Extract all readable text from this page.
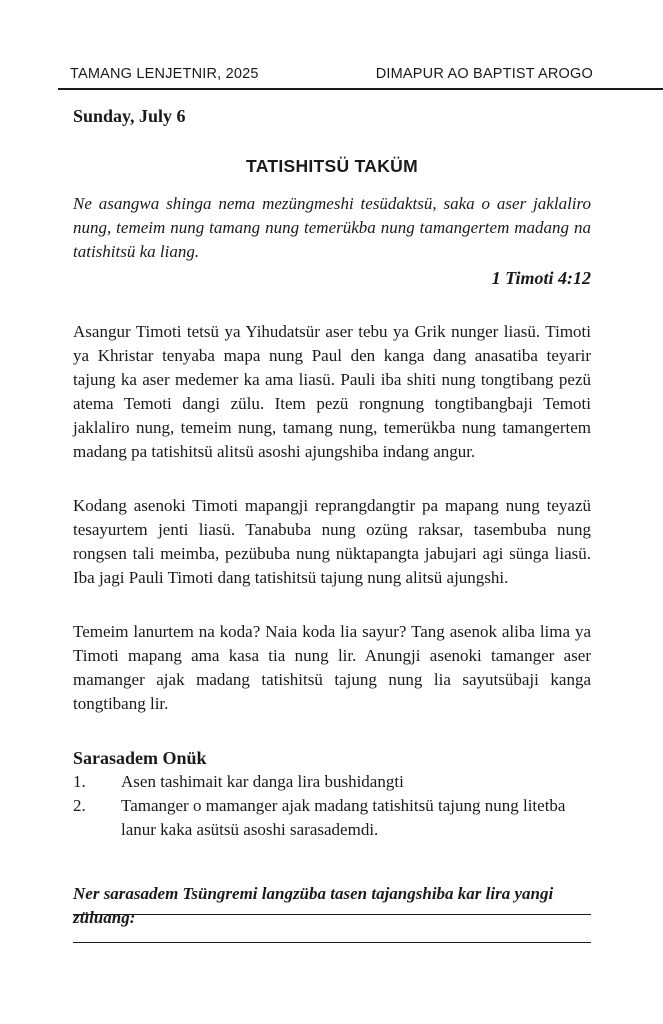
TAMANG LENJETNIR, 2025	DIMAPUR AO BAPTIST AROGO

Sunday, July 6

TATISHITSÜ TAKÜM

Ne asangwa shinga nema mezüngmeshi tesüdaktsü, saka o aser jaklaliro nung, temeim nung tamang nung temerükba nung tamangertem madang na tatishitsü ka liang.

1 Timoti 4:12

Asangur Timoti tetsü ya Yihudatsür aser tebu ya Grik nunger liasü. Timoti ya Khristar tenyaba mapa nung Paul den kanga dang anasatiba teyarir tajung ka aser medemer ka ama liasü. Pauli iba shiti nung tongtibang pezü atema Temoti dangi zülu. Item pezü rongnung tongtibangbaji Temoti jaklaliro nung, temeim nung, tamang nung, temerükba nung tamangertem madang pa tatishitsü alitsü asoshi ajungshiba indang angur.

Kodang asenoki Timoti mapangji reprangdangtir pa mapang nung teyazü tesayurtem jenti liasü. Tanabuba nung ozüng raksar, tasembuba nung rongsen tali meimba, pezübuba nung nüktapangta jabujari agi sünga liasü. Iba jagi Pauli Timoti dang tatishitsü tajung nung alitsü ajungshi.

Temeim lanurtem na koda? Naia koda lia sayur? Tang asenok aliba lima ya Timoti mapang ama kasa tia nung lir. Anungji asenoki tamanger aser mamanger ajak madang tatishitsü tajung nung lia sayutsübaji kanga tongtibang lir.

Sarasadem Onük

1.	Asen tashimait kar danga lira bushidangti
2.	Tamanger o mamanger ajak madang tatishitsü tajung nung litetba lanur kaka asütsü asoshi sarasademdi.

Ner sarasadem Tsüngremi langzüba tasen tajangshiba kar lira yangi züluang:
